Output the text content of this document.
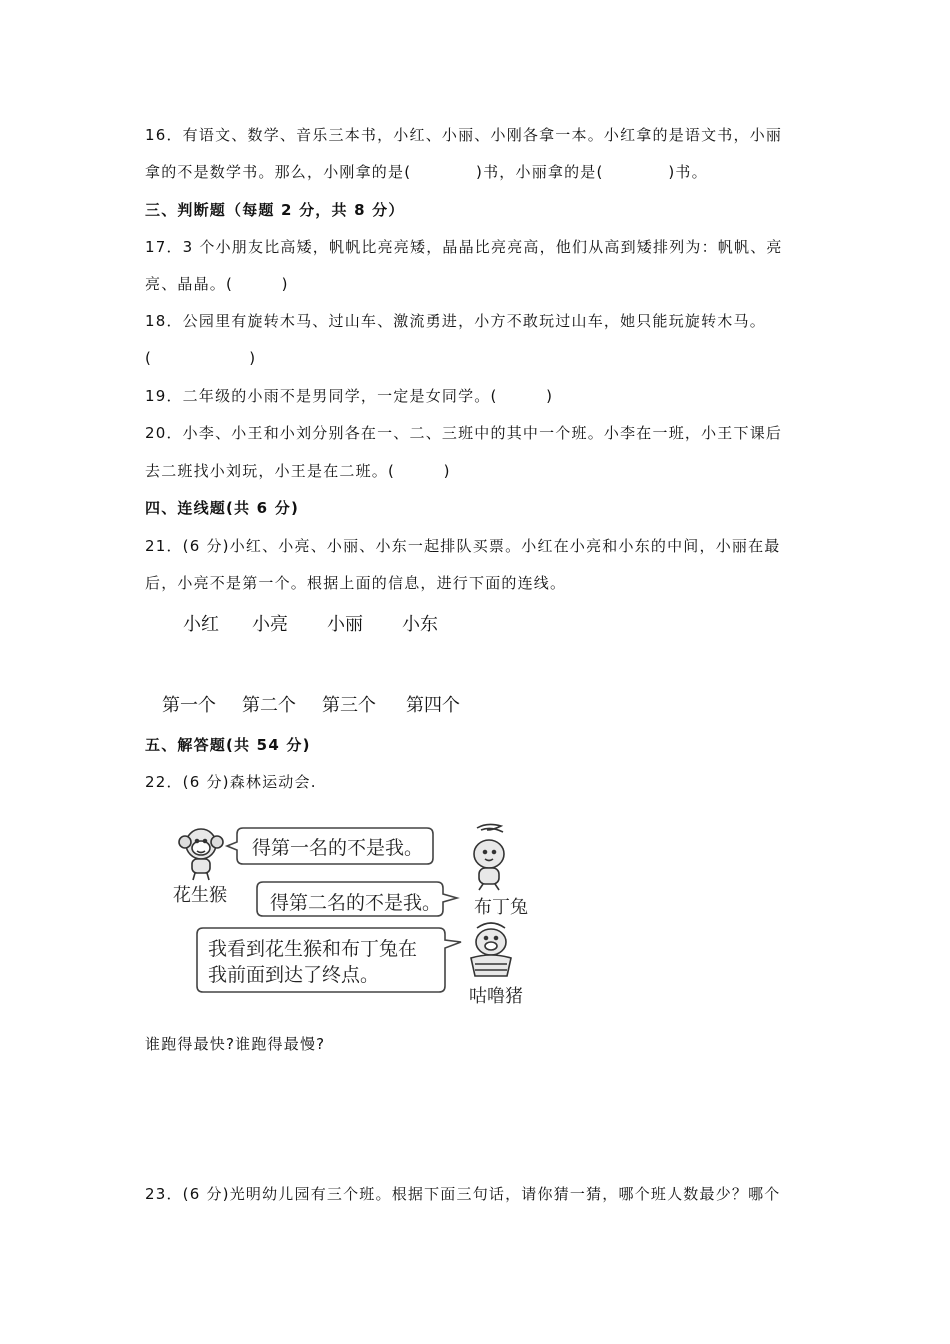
16．有语文、数学、音乐三本书，小红、小丽、小刚各拿一本。小红拿的是语文书，小丽
拿的不是数学书。那么，小刚拿的是(　　　　)书，小丽拿的是(　　　　)书。
三、判断题（每题 2 分，共 8 分）
17．3 个小朋友比高矮，帆帆比亮亮矮，晶晶比亮亮高，他们从高到矮排列为：帆帆、亮
亮、晶晶。(　　　)
18．公园里有旋转木马、过山车、激流勇进，小方不敢玩过山车，她只能玩旋转木马。
(　　　　　　)
19．二年级的小雨不是男同学，一定是女同学。(　　　)
20．小李、小王和小刘分别各在一、二、三班中的其中一个班。小李在一班，小王下课后
去二班找小刘玩，小王是在二班。(　　　)
四、连线题(共 6 分)
21．(6 分)小红、小亮、小丽、小东一起排队买票。小红在小亮和小东的中间，小丽在最
后，小亮不是第一个。根据上面的信息，进行下面的连线。
小红 小亮 小丽 小东
第一个 第二个 第三个 第四个
五、解答题(共 54 分)
22．(6 分)森林运动会.
得第一名的不是我。
得第二名的不是我。
我看到花生猴和布丁兔在
我前面到达了终点。
花生猴
布丁兔
咕噜猪
谁跑得最快?谁跑得最慢?
23．(6 分)光明幼儿园有三个班。根据下面三句话，请你猜一猜，哪个班人数最少？哪个
